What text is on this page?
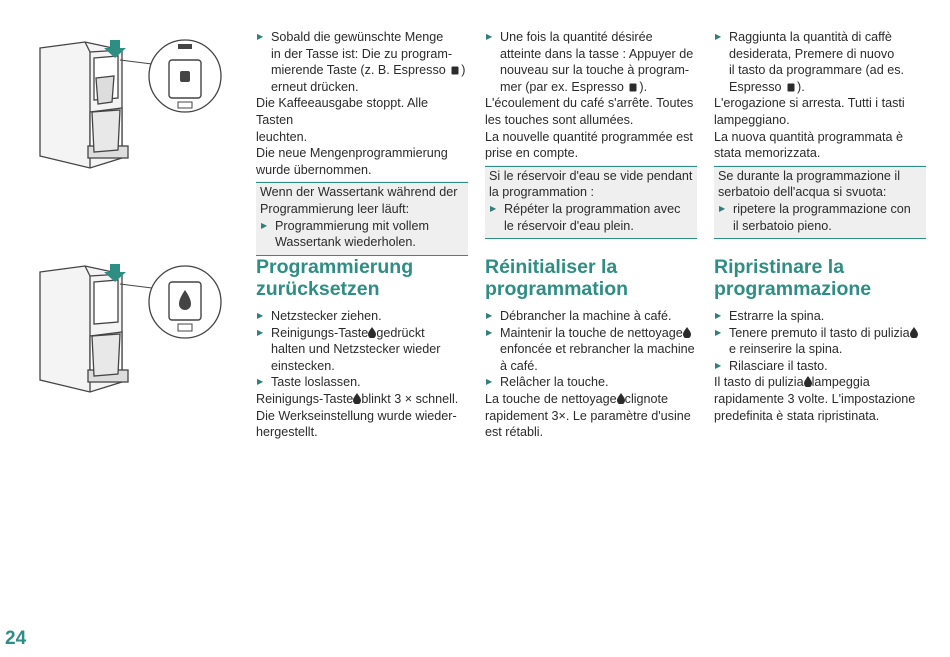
▶ Sobald die gewünschte Menge
in der Tasse ist: Die zu program-
mierende Taste (z. B. Espresso )
erneut drücken.

Die Kaffeeausgabe stoppt. Alle Tasten
leuchten.
Die neue Mengenprogrammierung
wurde übernommen.

Wenn der Wassertank während der
Programmierung leer läuft:

▶ Programmierung mit vollem
Wassertank wiederholen.

▶ Une fois la quantité désirée
atteinte dans la tasse : Appuyer de
nouveau sur la touche à program-
mer (par ex. Espresso ).

L'écoulement du café s'arrête. Toutes
les touches sont allumées.
La nouvelle quantité programmée est
prise en compte.

Si le réservoir d'eau se vide pendant
la programmation :

▶ Répéter la programmation avec
le réservoir d'eau plein.

▶ Raggiunta la quantità di caffè
desiderata, Premere di nuovo
il tasto da programmare (ad es.
Espresso ).

L'erogazione si arresta. Tutti i tasti
lampeggiano.
La nuova quantità programmata è
stata memorizzata.

Se durante la programmazione il
serbatoio dell'acqua si svuota:

▶ ripetere la programmazione con
il serbatoio pieno.

Programmierung
zurücksetzen

▶ Netzstecker ziehen.

▶ Reinigungs-Taste gedrückt
halten und Netzstecker wieder
einstecken.

▶ Taste loslassen.

Reinigungs-Taste blinkt 3 × schnell.
Die Werkseinstellung wurde wieder-
hergestellt.

Réinitialiser la
programmation

▶ Débrancher la machine à café.

▶ Maintenir la touche de nettoyage
enfoncée et rebrancher la machine
à café.

▶ Relâcher la touche.

La touche de nettoyage clignote
rapidement 3×. Le paramètre d'usine
est rétabli.

Ripristinare la
programmazione

▶ Estrarre la spina.

▶ Tenere premuto il tasto di pulizia
e reinserire la spina.

▶ Rilasciare il tasto.

Il tasto di pulizia lampeggia
rapidamente 3 volte. L'impostazione
predefinita è stata ripristinata.

24
